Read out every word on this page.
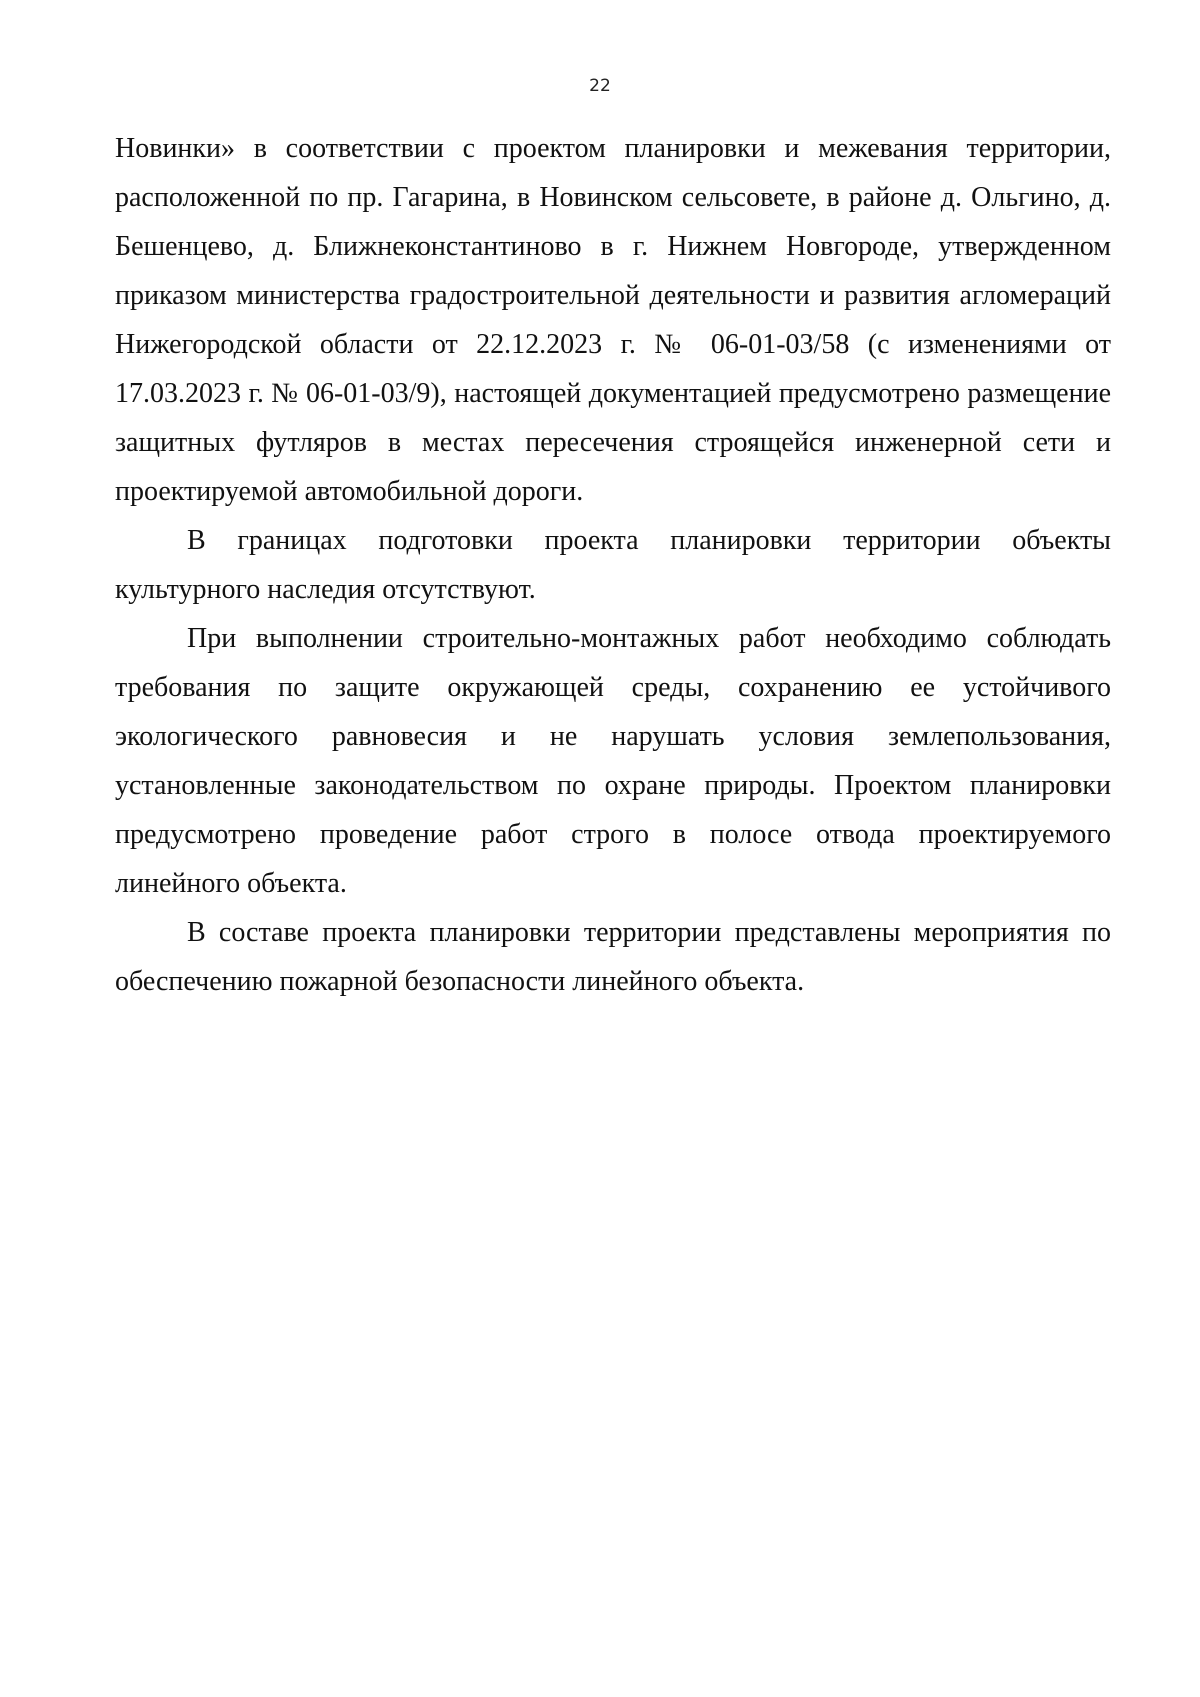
22

Новинки» в соответствии с проектом планировки и межевания территории, расположенной по пр. Гагарина, в Новинском сельсовете, в районе д. Ольгино, д. Бешенцево, д. Ближнеконстантиново в г. Нижнем Новгороде, утвержденном приказом министерства градостроительной деятельности и развития агломераций Нижегородской области от 22.12.2023 г. № 06-01-03/58 (с изменениями от 17.03.2023 г. № 06-01-03/9), настоящей документацией предусмотрено размещение защитных футляров в местах пересечения строящейся инженерной сети и проектируемой автомобильной дороги.

В границах подготовки проекта планировки территории объекты культурного наследия отсутствуют.

При выполнении строительно-монтажных работ необходимо соблюдать требования по защите окружающей среды, сохранению ее устойчивого экологического равновесия и не нарушать условия землепользования, установленные законодательством по охране природы. Проектом планировки предусмотрено проведение работ строго в полосе отвода проектируемого линейного объекта.

В составе проекта планировки территории представлены мероприятия по обеспечению пожарной безопасности линейного объекта.
